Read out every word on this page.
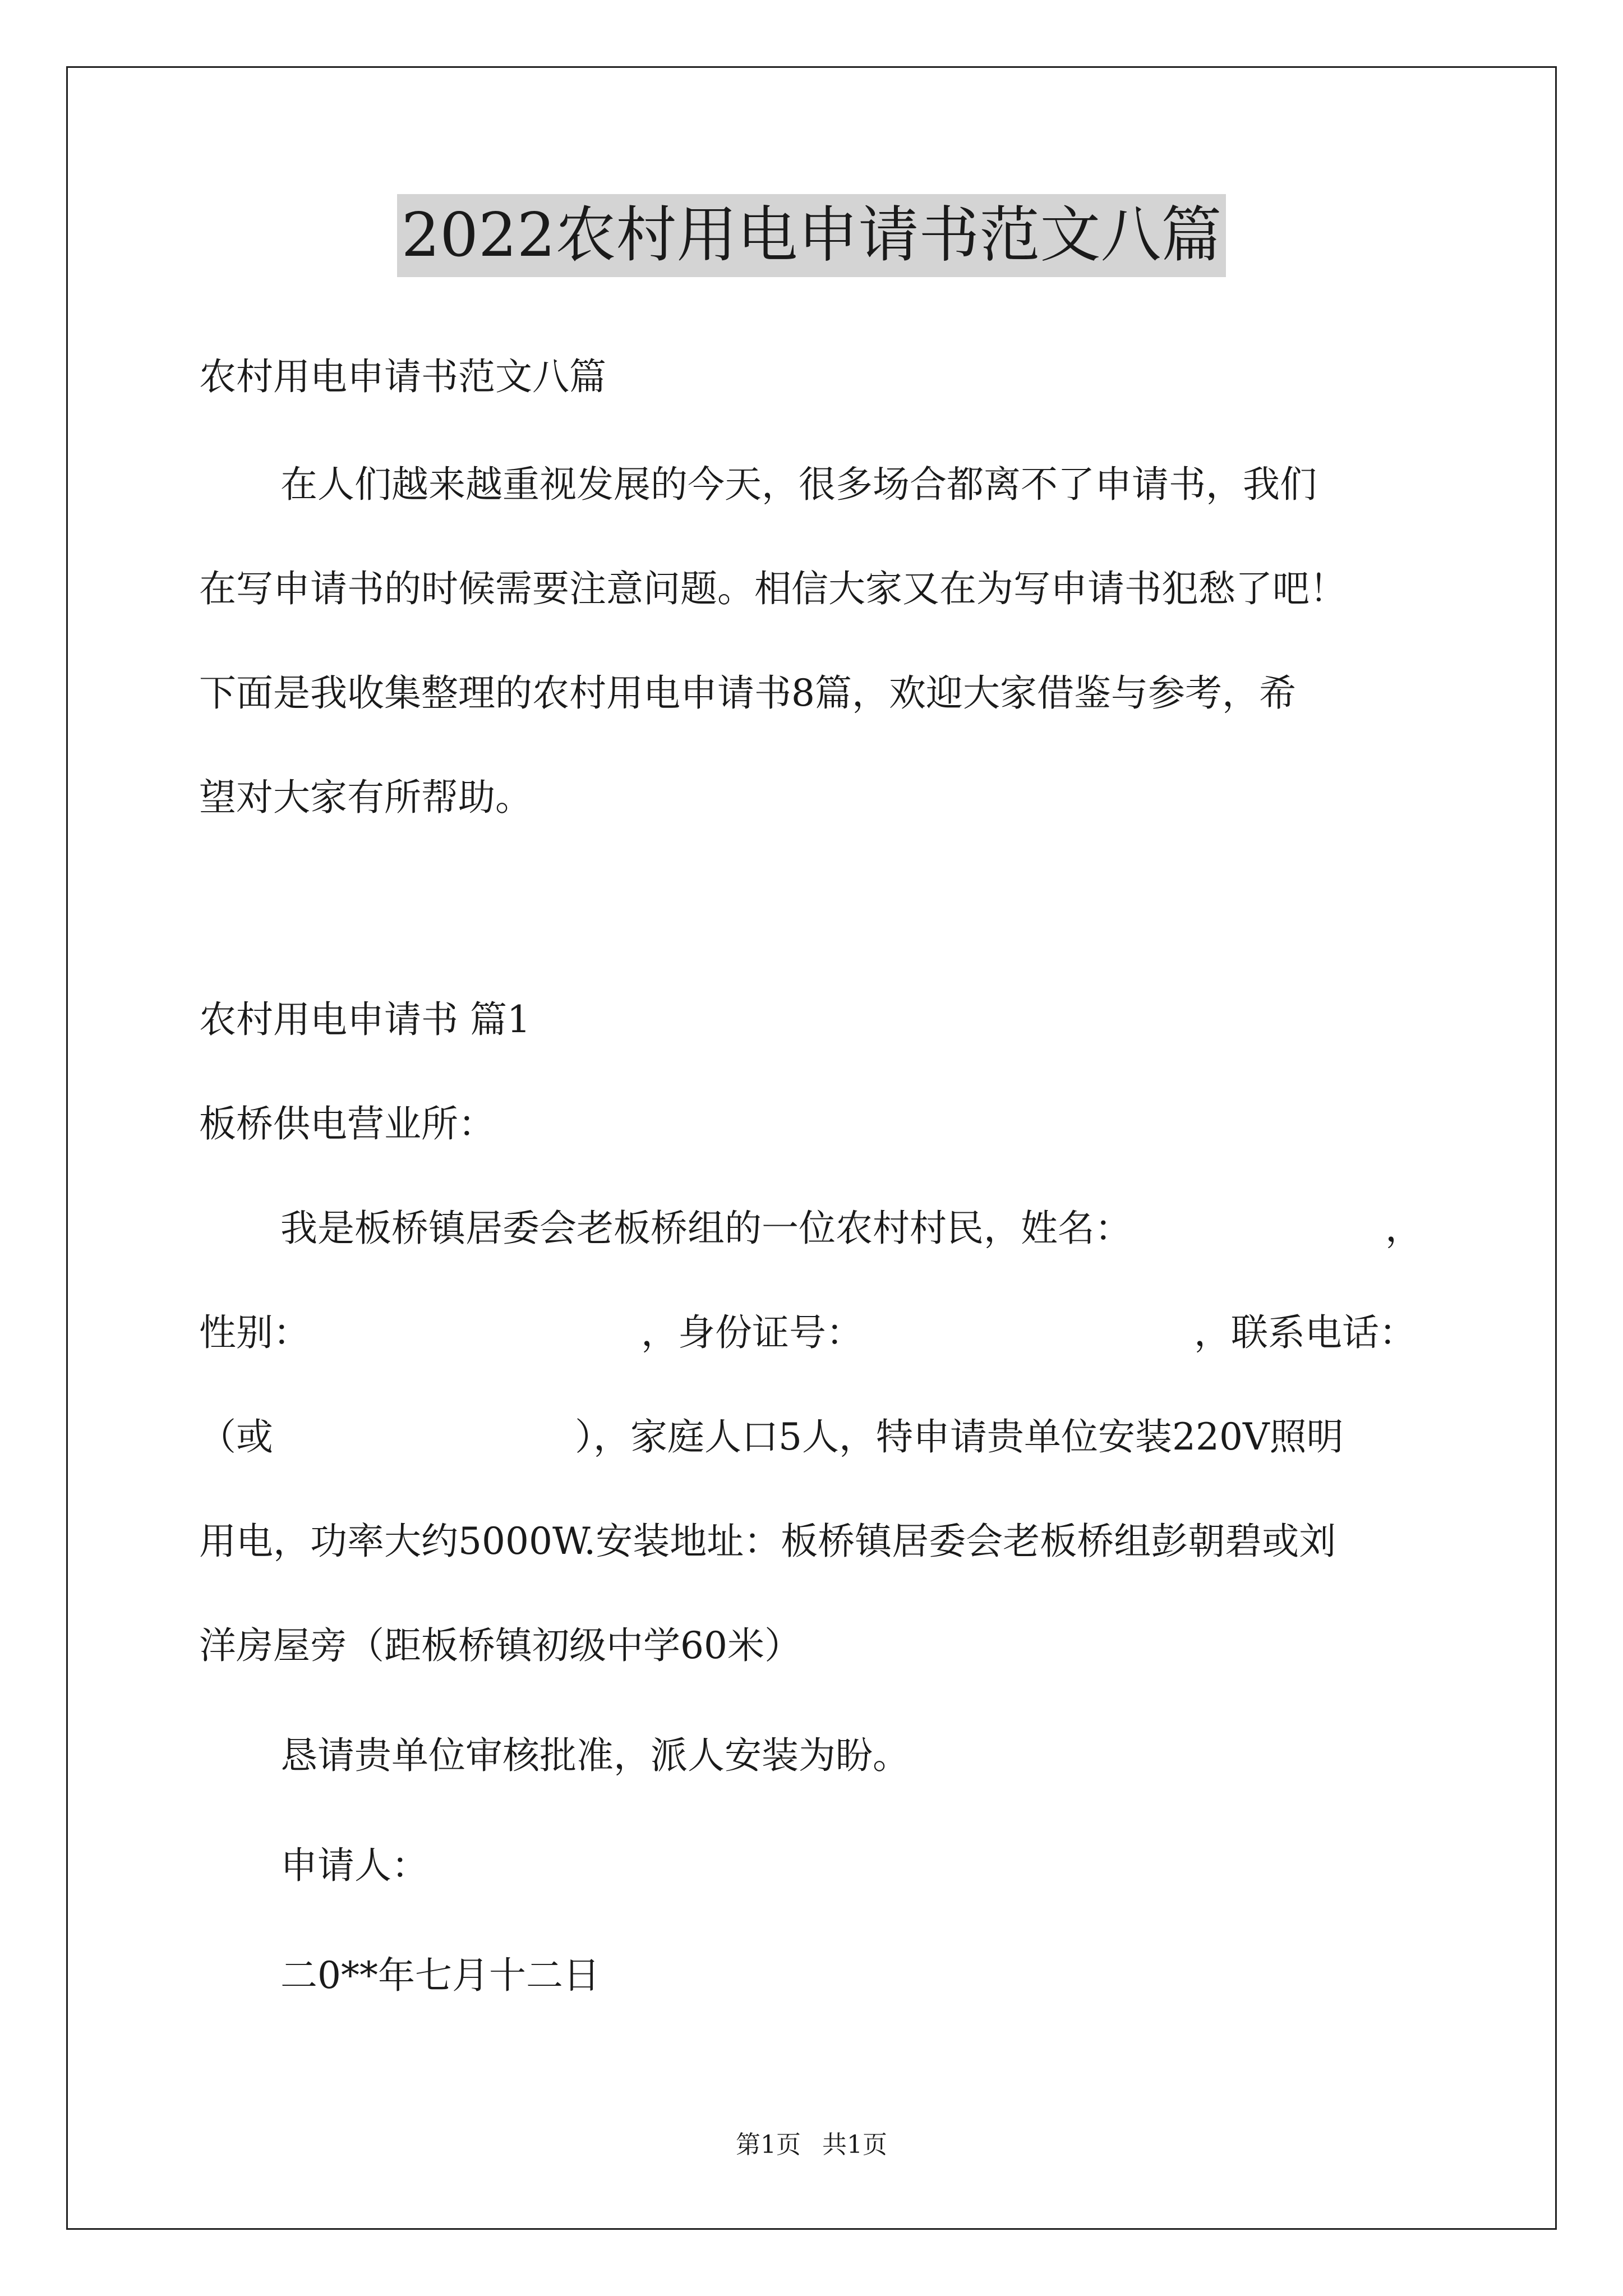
2022农村用电申请书范文八篇
农村用电申请书范文八篇
在人们越来越重视发展的今天，很多场合都离不了申请书，我们
在写申请书的时候需要注意问题。相信大家又在为写申请书犯愁了吧！
下面是我收集整理的农村用电申请书8篇，欢迎大家借鉴与参考，希
望对大家有所帮助。
农村用电申请书 篇1
板桥供电营业所：
我是板桥镇居委会老板桥组的一位农村村民，姓名：	，
性别：	，身份证号：	，联系电话：
（或	），家庭人口5人，特申请贵单位安装220V照明
用电，功率大约5000W.安装地址：板桥镇居委会老板桥组彭朝碧或刘
洋房屋旁（距板桥镇初级中学60米）
恳请贵单位审核批准，派人安装为盼。
申请人：
二0**年七月十二日
第1页 共1页
